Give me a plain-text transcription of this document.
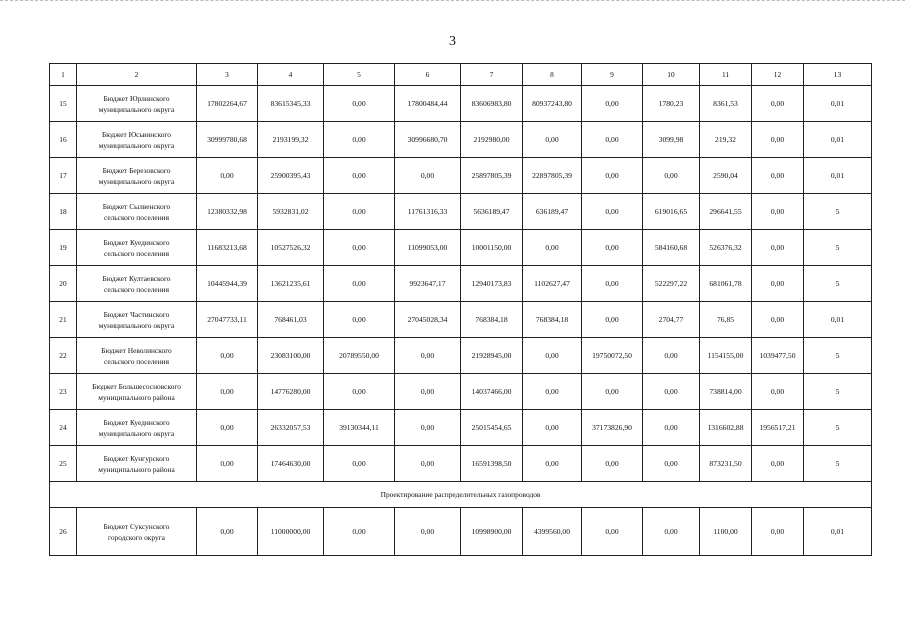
3
1	2	3	4	5	6	7	8	9	10	11	12	13
15	Бюджет Юрлинского
муниципального округа	17802264,67	83615345,33	0,00	17800484,44	83606983,80	80937243,80	0,00	1780,23	8361,53	0,00	0,01
16	Бюджет Юсьвинского
муниципального округа	30999780,68	2193199,32	0,00	30996680,70	2192980,00	0,00	0,00	3099,98	219,32	0,00	0,01
17	Бюджет Березовского
муниципального округа	0,00	25900395,43	0,00	0,00	25897805,39	22897805,39	0,00	0,00	2590,04	0,00	0,01
18	Бюджет Сылвенского
сельского поселения	12380332,98	5932831,02	0,00	11761316,33	5636189,47	636189,47	0,00	619016,65	296641,55	0,00	5
19	Бюджет Куединского
сельского поселения	11683213,68	10527526,32	0,00	11099053,00	10001150,00	0,00	0,00	584160,68	526376,32	0,00	5
20	Бюджет Култаевского
сельского поселения	10445944,39	13621235,61	0,00	9923647,17	12940173,83	1102627,47	0,00	522297,22	681061,78	0,00	5
21	Бюджет Частинского
муниципального округа	27047733,11	768461,03	0,00	27045028,34	768384,18	768384,18	0,00	2704,77	76,85	0,00	0,01
22	Бюджет Неволинского
сельского поселения	0,00	23083100,00	20789550,00	0,00	21928945,00	0,00	19750072,50	0,00	1154155,00	1039477,50	5
23	Бюджет Большесосновского
муниципального района	0,00	14776280,00	0,00	0,00	14037466,00	0,00	0,00	0,00	738814,00	0,00	5
24	Бюджет Куединского
муниципального округа	0,00	26332057,53	39130344,11	0,00	25015454,65	0,00	37173826,90	0,00	1316602,88	1956517,21	5
25	Бюджет Кунгурского
муниципального района	0,00	17464630,00	0,00	0,00	16591398,50	0,00	0,00	0,00	873231,50	0,00	5
Проектирование распределительных газопроводов												
26	Бюджет Суксунского
городского округа	0,00	11000000,00	0,00	0,00	10998900,00	4399560,00	0,00	0,00	1100,00	0,00	0,01
